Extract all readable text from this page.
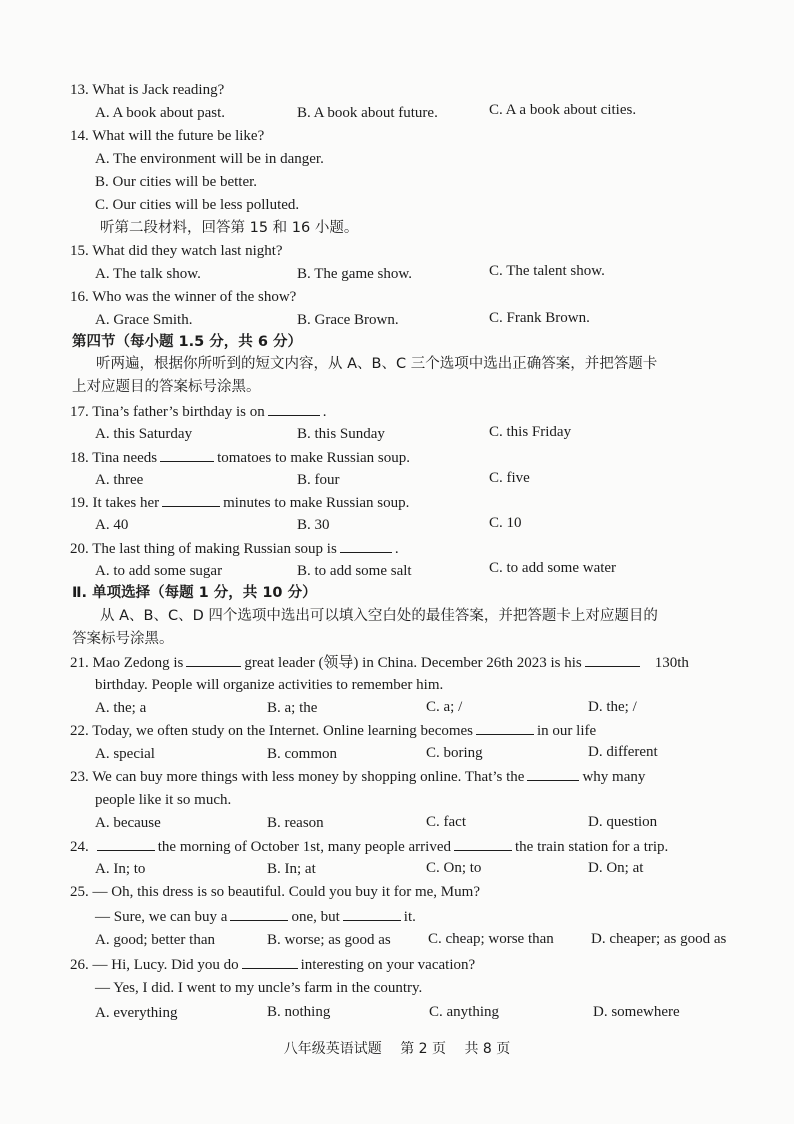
13. What is Jack reading?
A. A book about past.	B. A book about future.	C. A a book about cities.
14. What will the future be like?
A. The environment will be in danger.
B. Our cities will be better.
C. Our cities will be less polluted.
听第二段材料，回答第 15 和 16 小题。
15. What did they watch last night?
A. The talk show.	B. The game show.	C. The talent show.
16. Who was the winner of the show?
A. Grace Smith.	B. Grace Brown.	C. Frank Brown.
第四节（每小题 1.5 分，共 6 分）
听两遍，根据你所听到的短文内容，从 A、B、C 三个选项中选出正确答案，并把答题卡
上对应题目的答案标号涂黑。
17. Tina’s father’s birthday is on	.
A. this Saturday	B. this Sunday	C. this Friday
18. Tina needs	tomatoes to make Russian soup.
A. three	B. four	C. five
19. It takes her	minutes to make Russian soup.
A. 40	B. 30	C. 10
20. The last thing of making Russian soup is	.
A. to add some sugar	B. to add some salt	C. to add some water
Ⅱ. 单项选择（每题 1 分，共 10 分）
从 A、B、C、D 四个选项中选出可以填入空白处的最佳答案，并把答题卡上对应题目的
答案标号涂黑。
21. Mao Zedong is	great leader (领导) in China. December 26th 2023 is his	130th
birthday. People will organize activities to remember him.
A. the; a	B. a; the	C. a; /	D. the; /
22. Today, we often study on the Internet. Online learning becomes	in our life
A. special	B. common	C. boring	D. different
23. We can buy more things with less money by shopping online. That’s the	why many
people like it so much.
A. because	B. reason	C. fact	D. question
24.	the morning of October 1st, many people arrived	the train station for a trip.
A. In; to	B. In; at	C. On; to	D. On; at
25. — Oh, this dress is so beautiful. Could you buy it for me, Mum?
— Sure, we can buy a	one, but	it.
A. good; better than	B. worse; as good as C. cheap; worse than D. cheaper; as good as
26. — Hi, Lucy. Did you do	interesting on your vacation?
— Yes, I did. I went to my uncle’s farm in the country.
A. everything	B. nothing	C. anything	D. somewhere
八年级英语试题 第 2 页 共 8 页
